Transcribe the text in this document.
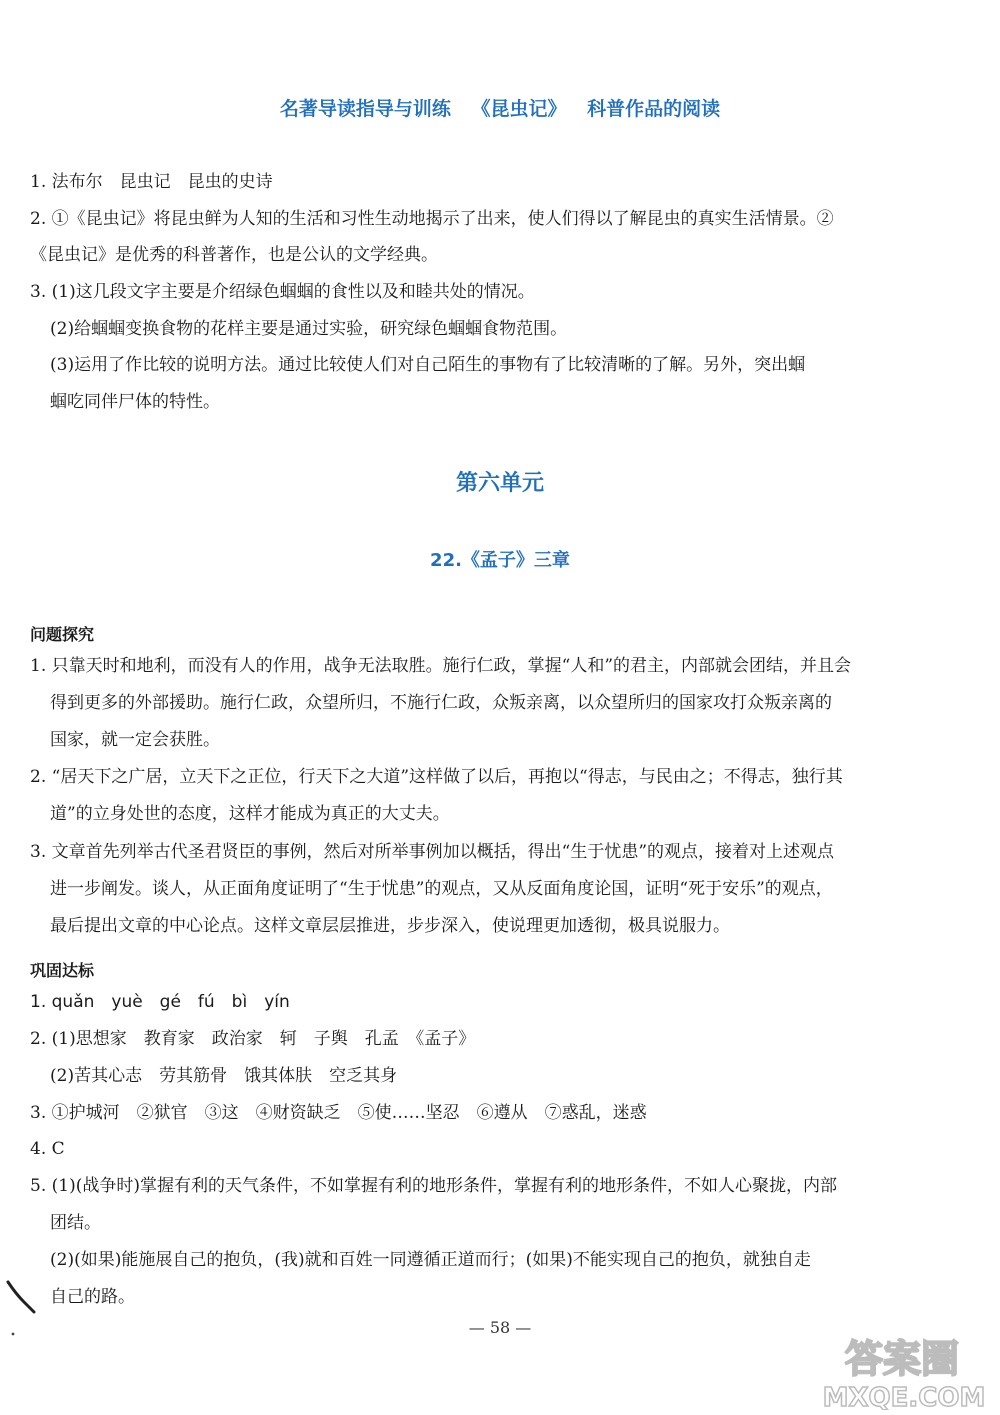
名著导读指导与训练 《昆虫记》 科普作品的阅读
1. 法布尔　昆虫记　昆虫的史诗
2. ①《昆虫记》将昆虫鲜为人知的生活和习性生动地揭示了出来，使人们得以了解昆虫的真实生活情景。②
《昆虫记》是优秀的科普著作，也是公认的文学经典。
3. (1)这几段文字主要是介绍绿色蝈蝈的食性以及和睦共处的情况。
(2)给蝈蝈变换食物的花样主要是通过实验，研究绿色蝈蝈食物范围。
(3)运用了作比较的说明方法。通过比较使人们对自己陌生的事物有了比较清晰的了解。另外，突出蝈
蝈吃同伴尸体的特性。
第六单元
22.《孟子》三章
问题探究
1. 只靠天时和地利，而没有人的作用，战争无法取胜。施行仁政，掌握“人和”的君主，内部就会团结，并且会
得到更多的外部援助。施行仁政，众望所归，不施行仁政，众叛亲离，以众望所归的国家攻打众叛亲离的
国家，就一定会获胜。
2. “居天下之广居，立天下之正位，行天下之大道”这样做了以后，再抱以“得志，与民由之；不得志，独行其
道”的立身处世的态度，这样才能成为真正的大丈夫。
3. 文章首先列举古代圣君贤臣的事例，然后对所举事例加以概括，得出“生于忧患”的观点，接着对上述观点
进一步阐发。谈人，从正面角度证明了“生于忧患”的观点，又从反面角度论国，证明“死于安乐”的观点，
最后提出文章的中心论点。这样文章层层推进，步步深入，使说理更加透彻，极具说服力。
巩固达标
1. quǎn　yuè　gé　fú　bì　yín
2. (1)思想家　教育家　政治家　轲　子舆　孔孟　《孟子》
(2)苦其心志　劳其筋骨　饿其体肤　空乏其身
3. ①护城河　②狱官　③这　④财资缺乏　⑤使……坚忍　⑥遵从　⑦惑乱，迷惑
4. C
5. (1)(战争时)掌握有利的天气条件，不如掌握有利的地形条件，掌握有利的地形条件，不如人心聚拢，内部
团结。
(2)(如果)能施展自己的抱负，(我)就和百姓一同遵循正道而行；(如果)不能实现自己的抱负，就独自走
自己的路。
— 58 —
答案圈
MXQE.COM
